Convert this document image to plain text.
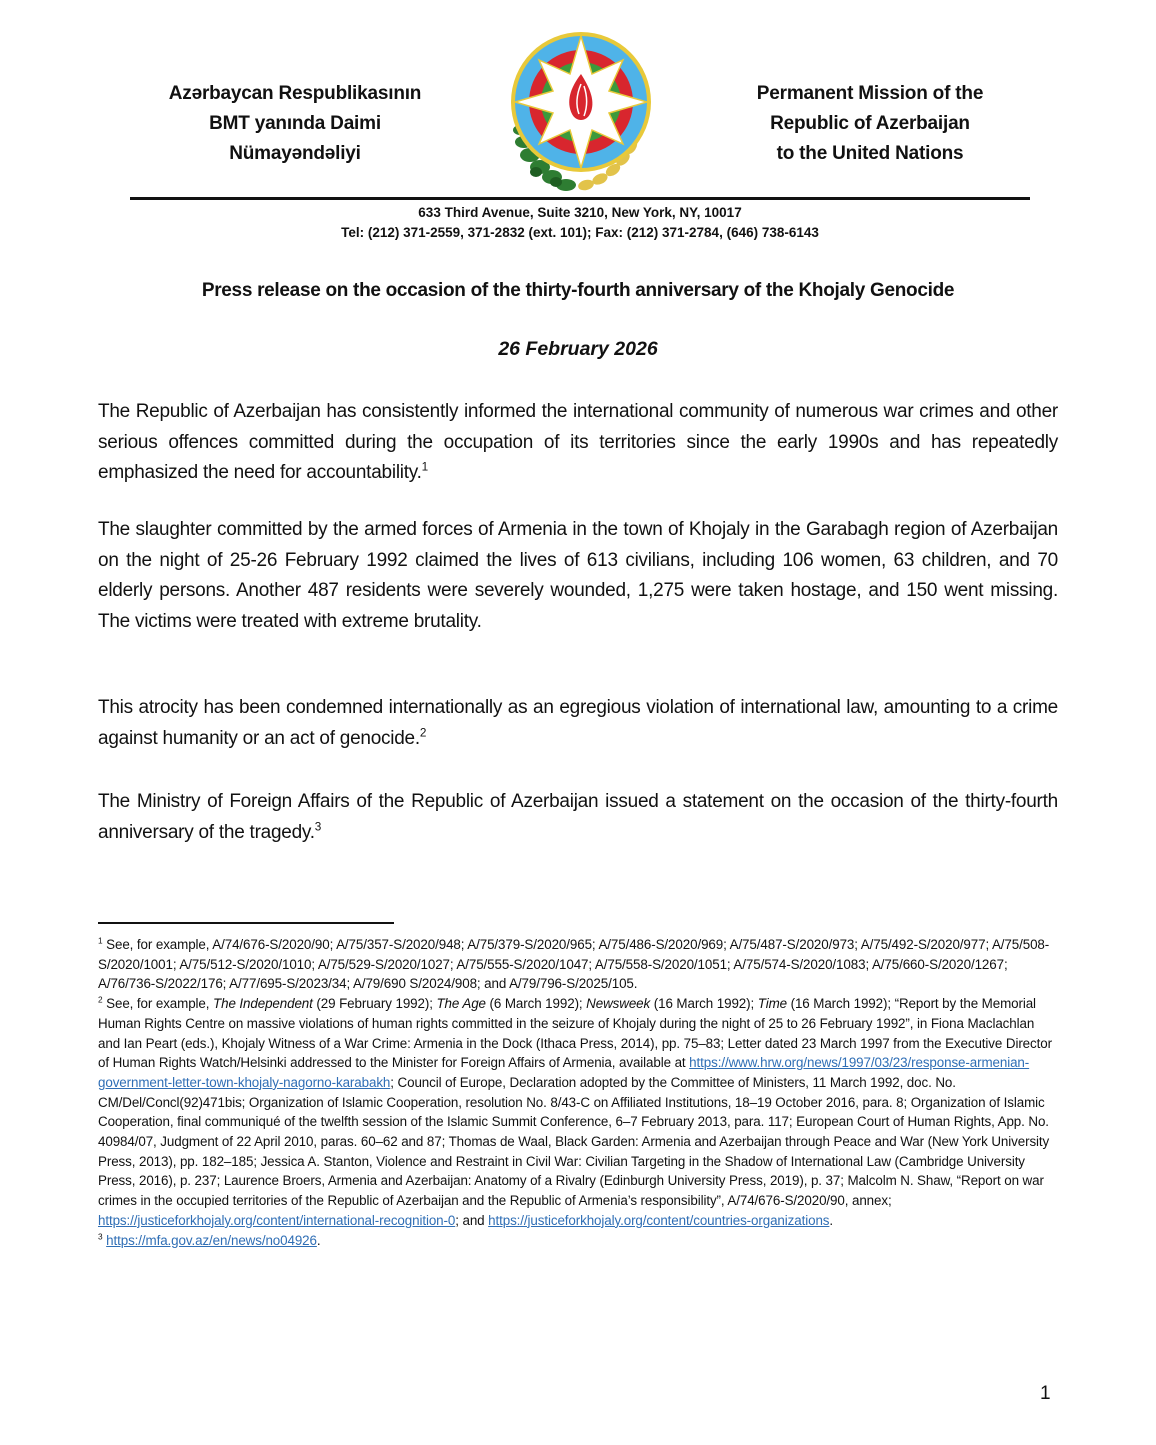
Azərbaycan Respublikasının
BMT yanında Daimi
Nümayəndəliyi
Permanent Mission of the
Republic of Azerbaijan
to the United Nations
633 Third Avenue, Suite 3210, New York, NY, 10017
Tel: (212) 371-2559, 371-2832 (ext. 101); Fax: (212) 371-2784, (646) 738-6143
Press release on the occasion of the thirty-fourth anniversary of the Khojaly Genocide
26 February 2026
The Republic of Azerbaijan has consistently informed the international community of numerous war crimes and other serious offences committed during the occupation of its territories since the early 1990s and has repeatedly emphasized the need for accountability.$^1$
The slaughter committed by the armed forces of Armenia in the town of Khojaly in the Garabagh region of Azerbaijan on the night of 25-26 February 1992 claimed the lives of 613 civilians, including 106 women, 63 children, and 70 elderly persons. Another 487 residents were severely wounded, 1,275 were taken hostage, and 150 went missing. The victims were treated with extreme brutality.
This atrocity has been condemned internationally as an egregious violation of international law, amounting to a crime against humanity or an act of genocide.$^2$
The Ministry of Foreign Affairs of the Republic of Azerbaijan issued a statement on the occasion of the thirty-fourth anniversary of the tragedy.$^3$

$^1$ See, for example, A/74/676-S/2020/90; A/75/357-S/2020/948; A/75/379-S/2020/965; A/75/486-S/2020/969; A/75/487-S/2020/973; A/75/492-S/2020/977; A/75/508-S/2020/1001; A/75/512-S/2020/1010; A/75/529-S/2020/1027; A/75/555-S/2020/1047; A/75/558-S/2020/1051; A/75/574-S/2020/1083; A/75/660-S/2020/1267; A/76/736-S/2022/176; A/77/695-S/2023/34; A/79/690 S/2024/908; and A/79/796-S/2025/105.

$^2$ See, for example, The Independent (29 February 1992); The Age (6 March 1992); Newsweek (16 March 1992); Time (16 March 1992); “Report by the Memorial Human Rights Centre on massive violations of human rights committed in the seizure of Khojaly during the night of 25 to 26 February 1992”, in Fiona Maclachlan and Ian Peart (eds.), Khojaly Witness of a War Crime: Armenia in the Dock (Ithaca Press, 2014), pp. 75–83; Letter dated 23 March 1997 from the Executive Director of Human Rights Watch/Helsinki addressed to the Minister for Foreign Affairs of Armenia, available at https://www.hrw.org/news/1997/03/23/response-armenian-government-letter-town-khojaly-nagorno-karabakh; Council of Europe, Declaration adopted by the Committee of Ministers, 11 March 1992, doc. No. CM/Del/Concl(92)471bis; Organization of Islamic Cooperation, resolution No. 8/43-C on Affiliated Institutions, 18–19 October 2016, para. 8; Organization of Islamic Cooperation, final communiqué of the twelfth session of the Islamic Summit Conference, 6–7 February 2013, para. 117; European Court of Human Rights, App. No. 40984/07, Judgment of 22 April 2010, paras. 60–62 and 87; Thomas de Waal, Black Garden: Armenia and Azerbaijan through Peace and War (New York University Press, 2013), pp. 182–185; Jessica A. Stanton, Violence and Restraint in Civil War: Civilian Targeting in the Shadow of International Law (Cambridge University Press, 2016), p. 237; Laurence Broers, Armenia and Azerbaijan: Anatomy of a Rivalry (Edinburgh University Press, 2019), p. 37; Malcolm N. Shaw, “Report on war crimes in the occupied territories of the Republic of Azerbaijan and the Republic of Armenia’s responsibility”, A/74/676-S/2020/90, annex; https://justiceforkhojaly.org/content/international-recognition-0; and https://justiceforkhojaly.org/content/countries-organizations.

$^3$ https://mfa.gov.az/en/news/no04926.

1
